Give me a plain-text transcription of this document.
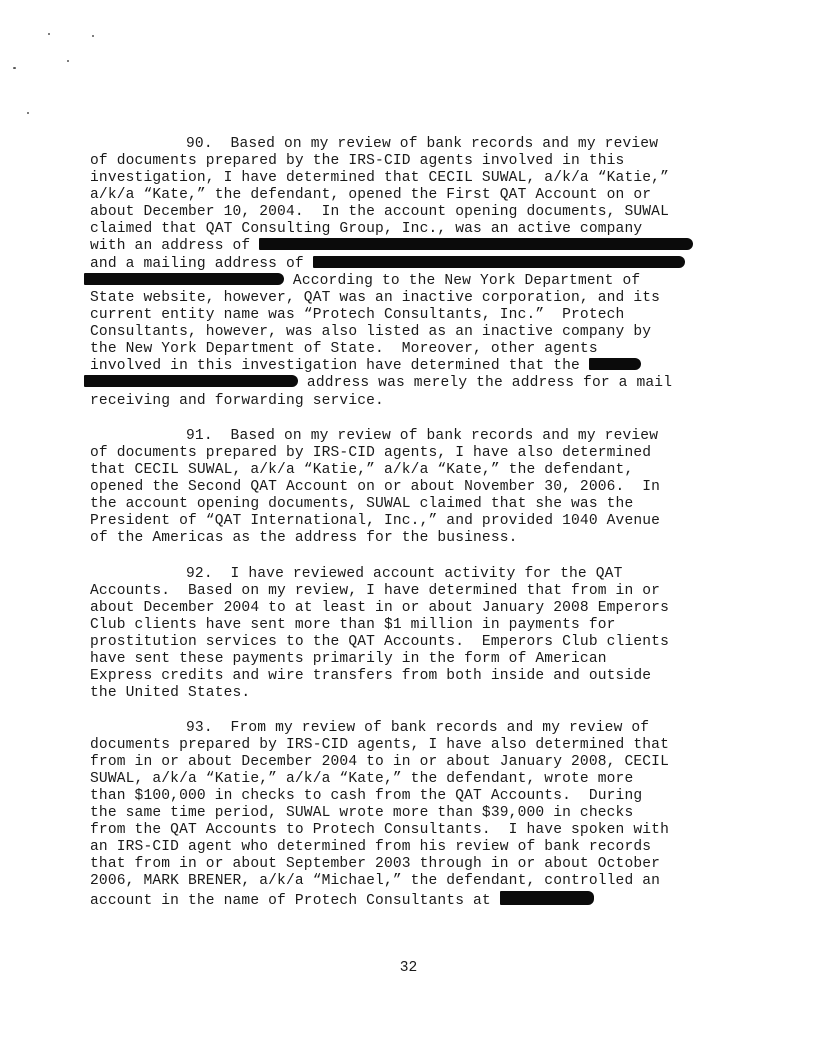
90.  Based on my review of bank records and my review
of documents prepared by the IRS-CID agents involved in this
investigation, I have determined that CECIL SUWAL, a/k/a “Katie,”
a/k/a “Kate,” the defendant, opened the First QAT Account on or
about December 10, 2004.  In the account opening documents, SUWAL
claimed that QAT Consulting Group, Inc., was an active company
with an address of
and a mailing address of
According to the New York Department of
State website, however, QAT was an inactive corporation, and its
current entity name was “Protech Consultants, Inc.”  Protech
Consultants, however, was also listed as an inactive company by
the New York Department of State.  Moreover, other agents
involved in this investigation have determined that the
address was merely the address for a mail
receiving and forwarding service.
91.  Based on my review of bank records and my review
of documents prepared by IRS-CID agents, I have also determined
that CECIL SUWAL, a/k/a “Katie,” a/k/a “Kate,” the defendant,
opened the Second QAT Account on or about November 30, 2006.  In
the account opening documents, SUWAL claimed that she was the
President of “QAT International, Inc.,” and provided 1040 Avenue
of the Americas as the address for the business.
92.  I have reviewed account activity for the QAT
Accounts.  Based on my review, I have determined that from in or
about December 2004 to at least in or about January 2008 Emperors
Club clients have sent more than $1 million in payments for
prostitution services to the QAT Accounts.  Emperors Club clients
have sent these payments primarily in the form of American
Express credits and wire transfers from both inside and outside
the United States.
93.  From my review of bank records and my review of
documents prepared by IRS-CID agents, I have also determined that
from in or about December 2004 to in or about January 2008, CECIL
SUWAL, a/k/a “Katie,” a/k/a “Kate,” the defendant, wrote more
than $100,000 in checks to cash from the QAT Accounts.  During
the same time period, SUWAL wrote more than $39,000 in checks
from the QAT Accounts to Protech Consultants.  I have spoken with
an IRS-CID agent who determined from his review of bank records
that from in or about September 2003 through in or about October
2006, MARK BRENER, a/k/a “Michael,” the defendant, controlled an
account in the name of Protech Consultants at
32
